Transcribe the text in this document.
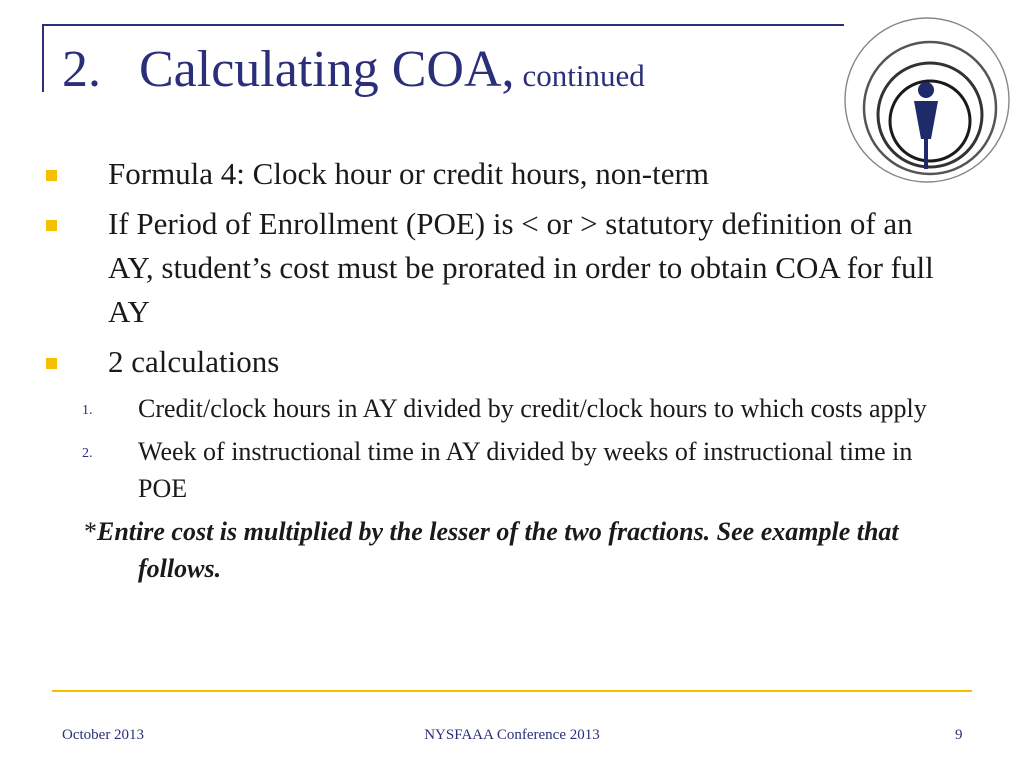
2. Calculating COA, continued
Formula 4: Clock hour or credit hours, non-term
If Period of Enrollment (POE) is < or > statutory definition of an AY, student’s cost must be prorated in order to obtain COA for full AY
2 calculations
1. Credit/clock hours in AY divided by credit/clock hours to which costs apply
2. Week of instructional time in AY divided by weeks of instructional time in POE
*Entire cost is multiplied by the lesser of the two fractions. See example that follows.
October 2013	NYSFAAA Conference 2013	9
